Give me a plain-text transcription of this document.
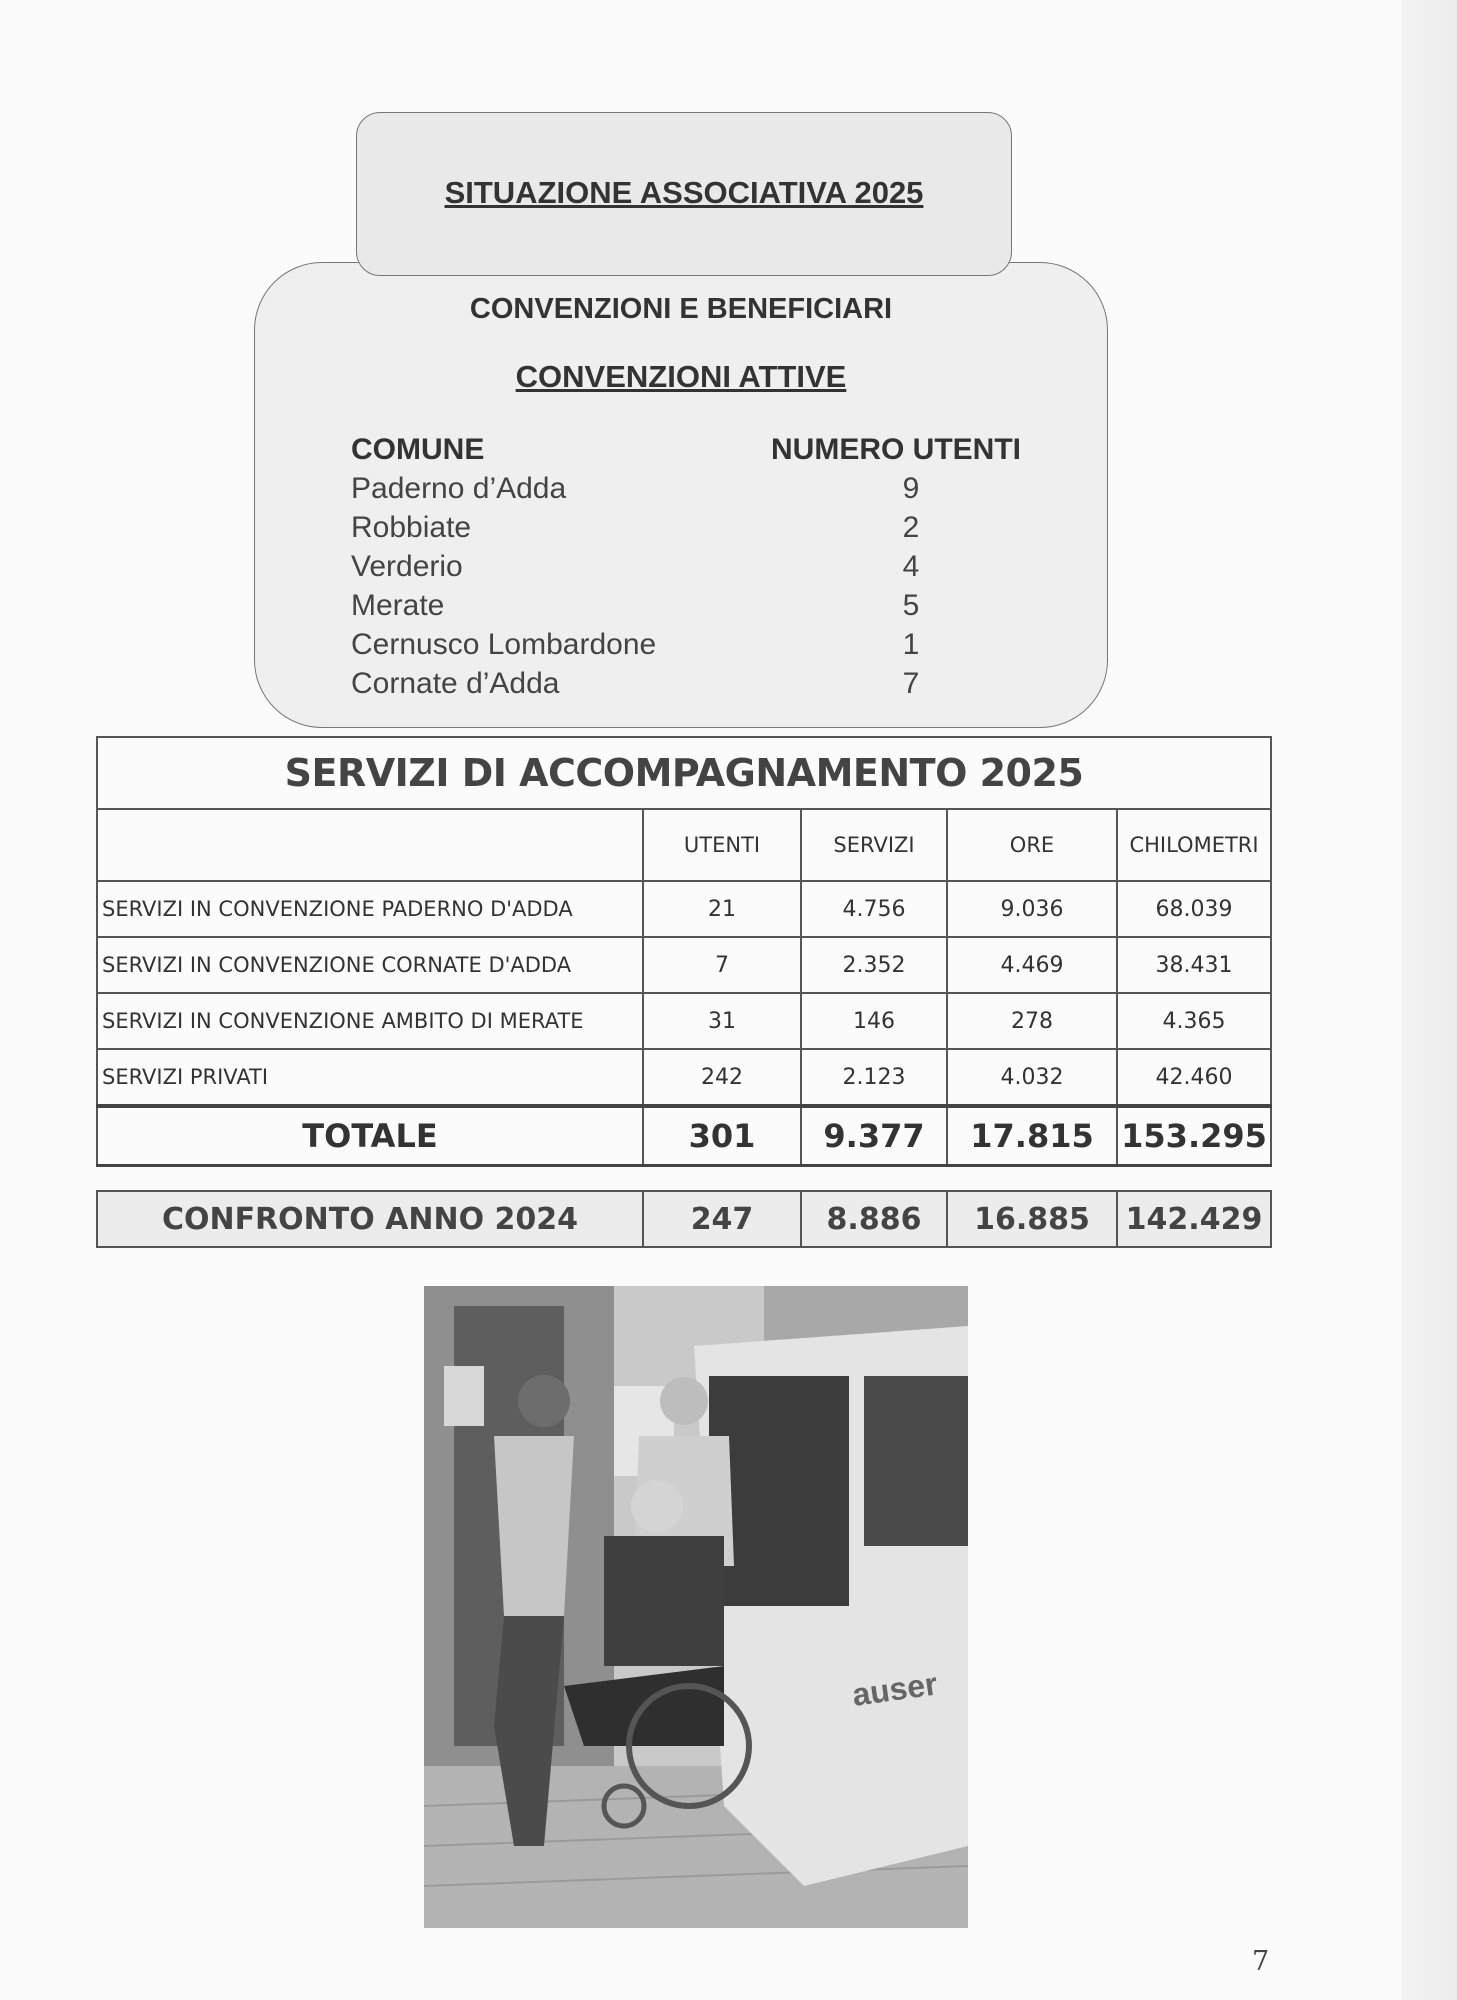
SITUAZIONE ASSOCIATIVA 2025
CONVENZIONI E BENEFICIARI
CONVENZIONI ATTIVE
COMUNE	NUMERO UTENTI
Paderno d’Adda	9
Robbiate	2
Verderio	4
Merate	5
Cernusco Lombardone	1
Cornate d’Adda	7
SERVIZI DI ACCOMPAGNAMENTO 2025				
	UTENTI	SERVIZI	ORE	CHILOMETRI
SERVIZI IN CONVENZIONE PADERNO D'ADDA	21	4.756	9.036	68.039
SERVIZI IN CONVENZIONE CORNATE D'ADDA	7	2.352	4.469	38.431
SERVIZI IN CONVENZIONE AMBITO DI MERATE	31	146	278	4.365
SERVIZI PRIVATI	242	2.123	4.032	42.460
TOTALE	301	9.377	17.815	153.295
CONFRONTO ANNO 2024	247	8.886	16.885	142.429
auser
7
